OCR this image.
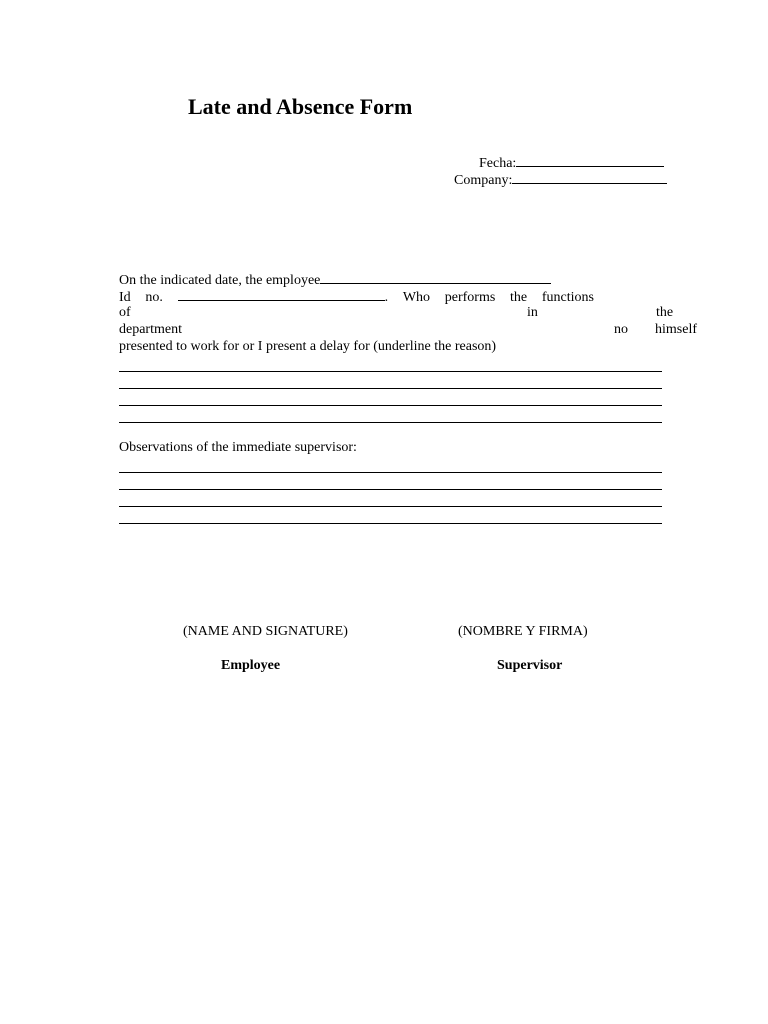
Late and Absence Form
Fecha:
Company:
On the indicated date, the employee
Id no.	. Who performs the functions
of	in	the
department	no himself
presented to work for or I present a delay for (underline the reason)
Observations of the immediate supervisor:
(NAME AND SIGNATURE)	(NOMBRE Y FIRMA)
Employee	Supervisor
